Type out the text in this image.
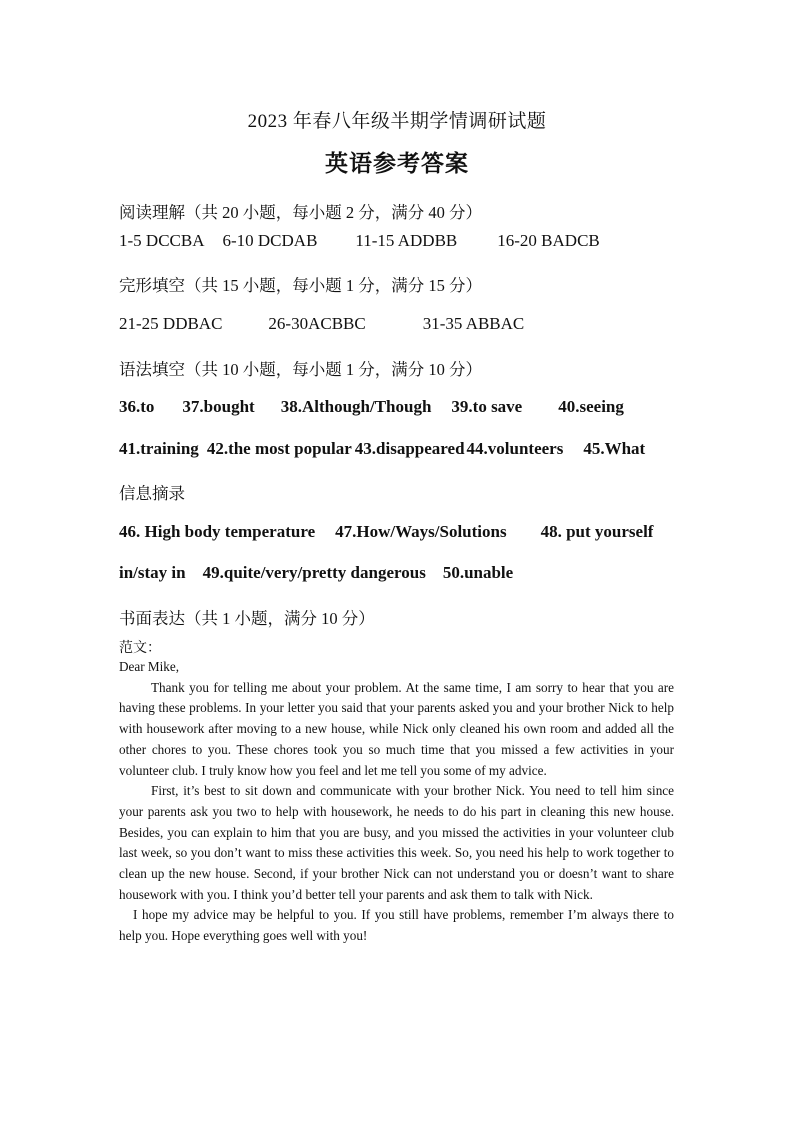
2023 年春八年级半期学情调研试题
英语参考答案
阅读理解（共 20 小题，每小题 2 分，满分 40 分）
1-5 DCCBA 6-10 DCDAB 11-15 ADDBB 16-20 BADCB
完形填空（共 15 小题，每小题 1 分，满分 15 分）
21-25 DDBAC	26-30ACBBC	31-35 ABBAC
语法填空（共 10 小题，每小题 1 分，满分 10 分）
36.to 37.bought 38.Although/Though 39.to save 40.seeing
41.training 42.the most popular 43.disappeared 44.volunteers 45.What
信息摘录
46. High body temperature 47.How/Ways/Solutions 48. put yourself
in/stay in 49.quite/very/pretty dangerous 50.unable
书面表达（共 1 小题，满分 10 分）
范文：

Dear Mike,

Thank you for telling me about your problem. At the same time, I am sorry to hear that you are having these problems. In your letter you said that your parents asked you and your brother Nick to help with housework after moving to a new house, while Nick only cleaned his own room and added all the other chores to you. These chores took you so much time that you missed a few activities in your volunteer club. I truly know how you feel and let me tell you some of my advice.

First, it’s best to sit down and communicate with your brother Nick. You need to tell him since your parents ask you two to help with housework, he needs to do his part in cleaning this new house. Besides, you can explain to him that you are busy, and you missed the activities in your volunteer club last week, so you don’t want to miss these activities this week. So, you need his help to work together to clean up the new house. Second, if your brother Nick can not understand you or doesn’t want to share housework with you. I think you’d better tell your parents and ask them to talk with Nick.

I hope my advice may be helpful to you. If you still have problems, remember I’m always there to help you. Hope everything goes well with you!
